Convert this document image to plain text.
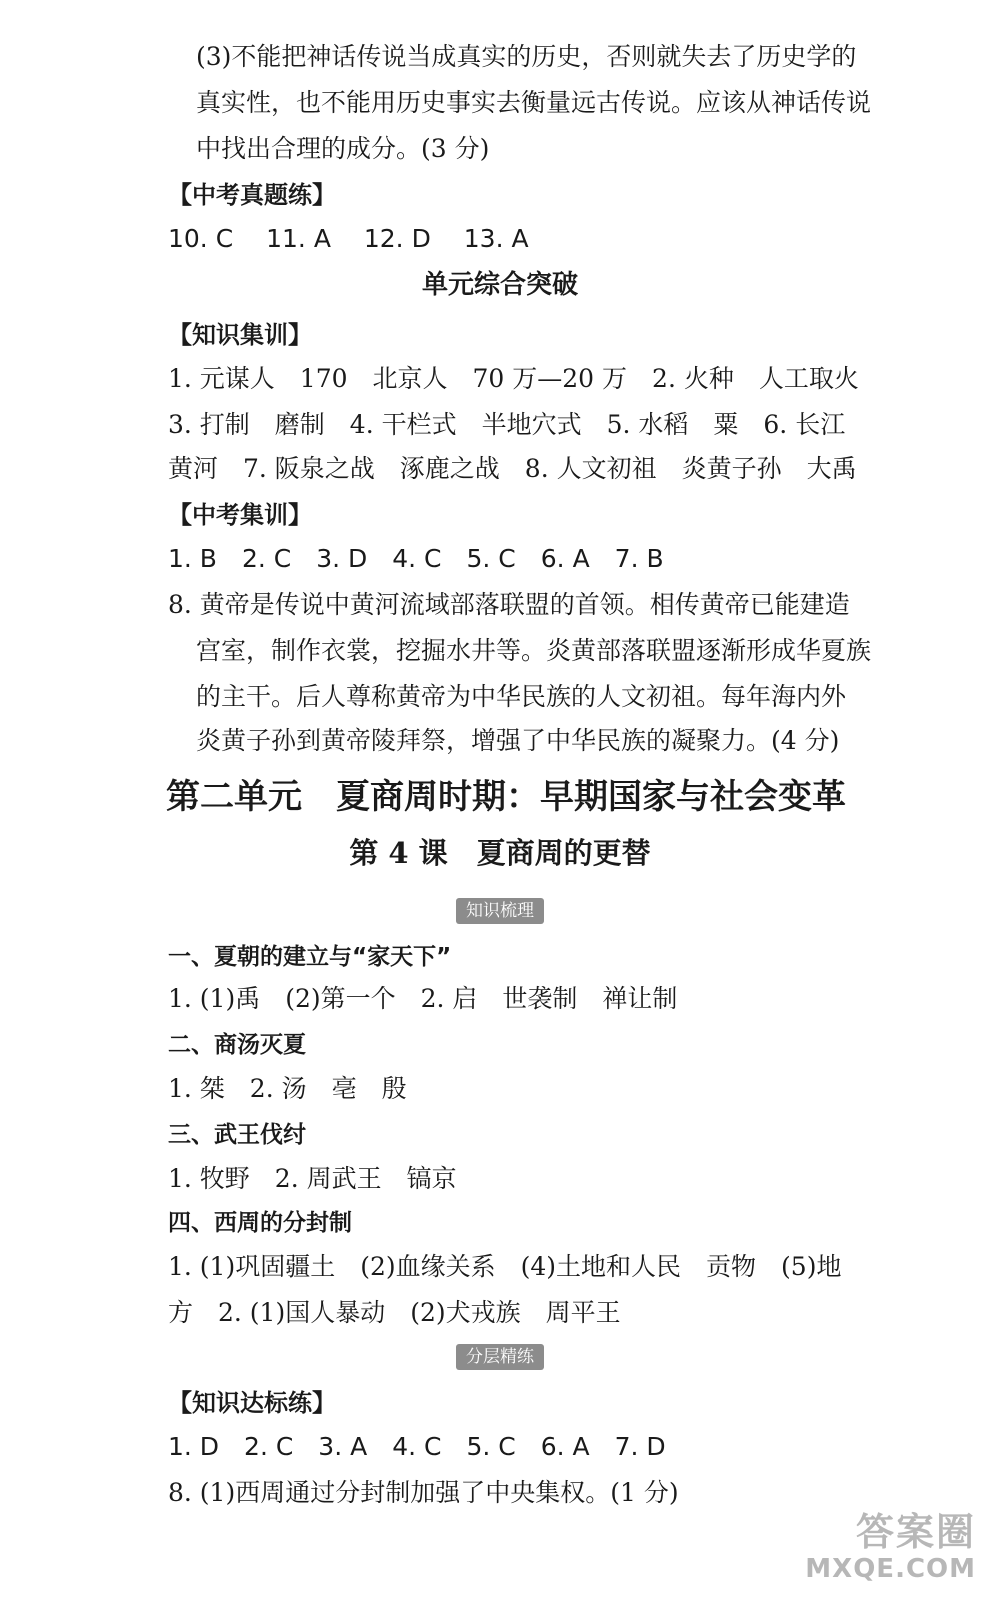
(3)不能把神话传说当成真实的历史，否则就失去了历史学的
真实性，也不能用历史事实去衡量远古传说。应该从神话传说
中找出合理的成分。(3 分)
【中考真题练】
10. C　 11. A　 12. D　 13. A
单元综合突破
【知识集训】
1. 元谋人　170　北京人　70 万—20 万　2. 火种　人工取火
3. 打制　磨制　4. 干栏式　半地穴式　5. 水稻　粟　6. 长江
黄河　7. 阪泉之战　涿鹿之战　8. 人文初祖　炎黄子孙　大禹
【中考集训】
1. B　2. C　3. D　4. C　5. C　6. A　7. B
8. 黄帝是传说中黄河流域部落联盟的首领。相传黄帝已能建造
宫室，制作衣裳，挖掘水井等。炎黄部落联盟逐渐形成华夏族
的主干。后人尊称黄帝为中华民族的人文初祖。每年海内外
炎黄子孙到黄帝陵拜祭，增强了中华民族的凝聚力。(4 分)
第二单元　夏商周时期：早期国家与社会变革
第 4 课　夏商周的更替
知识梳理
一、夏朝的建立与“家天下”
1. (1)禹　(2)第一个　2. 启　世袭制　禅让制
二、商汤灭夏
1. 桀　2. 汤　亳　殷
三、武王伐纣
1. 牧野　2. 周武王　镐京
四、西周的分封制
1. (1)巩固疆土　(2)血缘关系　(4)土地和人民　贡物　(5)地
方　2. (1)国人暴动　(2)犬戎族　周平王
分层精练
【知识达标练】
1. D　2. C　3. A　4. C　5. C　6. A　7. D
8. (1)西周通过分封制加强了中央集权。(1 分)
答案圈
MXQE.COM
